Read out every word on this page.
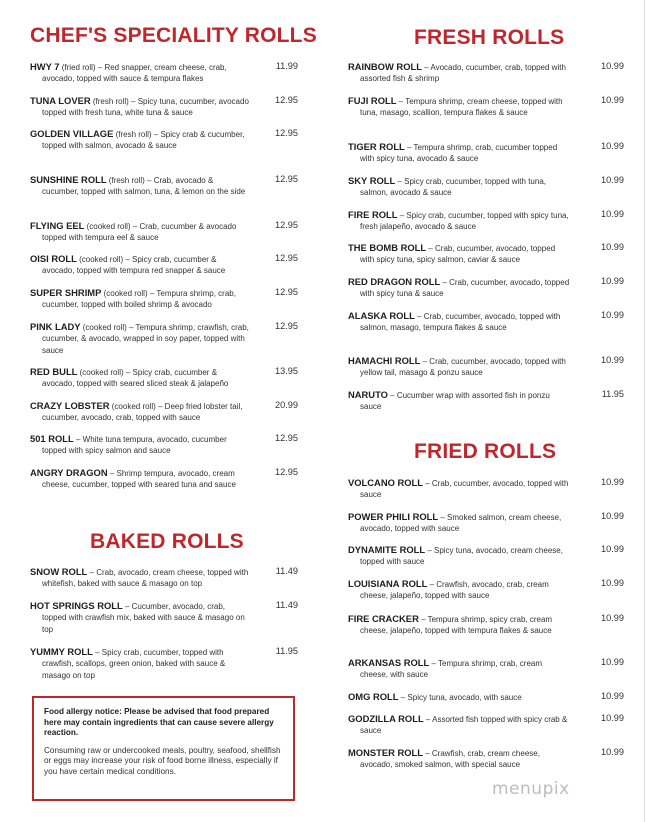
CHEF'S SPECIALITY ROLLS
HWY 7 (fried roll) – Red snapper, cream cheese, crab, avocado, topped with sauce & tempura flakes
11.99
TUNA LOVER (fresh roll) – Spicy tuna, cucumber, avocado topped with fresh tuna, white tuna & sauce
12.95
GOLDEN VILLAGE (fresh roll) – Spicy crab & cucumber, topped with salmon, avocado & sauce
12.95
SUNSHINE ROLL (fresh roll) – Crab, avocado & cucumber, topped with salmon, tuna, & lemon on the side
12.95
FLYING EEL (cooked roll) – Crab, cucumber & avocado topped with tempura eel & sauce
12.95
OISI ROLL (cooked roll) – Spicy crab, cucumber & avocado, topped with tempura red snapper & sauce
12.95
SUPER SHRIMP (cooked roll) – Tempura shrimp, crab, cucumber, topped with boiled shrimp & avocado
12.95
PINK LADY (cooked roll) – Tempura shrimp, crawfish, crab, cucumber, & avocado, wrapped in soy paper, topped with sauce
12.95
RED BULL (cooked roll) – Spicy crab, cucumber & avocado, topped with seared sliced steak & jalapeño
13.95
CRAZY LOBSTER (cooked roll) – Deep fried lobster tail, cucumber, avocado, crab, topped with sauce
20.99
501 ROLL – White tuna tempura, avocado, cucumber topped with spicy salmon and sauce
12.95
ANGRY DRAGON – Shrimp tempura, avocado, cream cheese, cucumber, topped with seared tuna and sauce
12.95
BAKED ROLLS
SNOW ROLL – Crab, avocado, cream cheese, topped with whitefish, baked with sauce & masago on top
11.49
HOT SPRINGS ROLL – Cucumber, avocado, crab, topped with crawfish mix, baked with sauce & masago on top
11.49
YUMMY ROLL – Spicy crab, cucumber, topped with crawfish, scallops, green onion, baked with sauce & masago on top
11.95
FRESH ROLLS
RAINBOW ROLL – Avocado, cucumber, crab, topped with assorted fish & shrimp
10.99
FUJI ROLL – Tempura shrimp, cream cheese, topped with tuna, masago, scallion, tempura flakes & sauce
10.99
TIGER ROLL – Tempura shrimp, crab, cucumber topped with spicy tuna, avocado & sauce
10.99
SKY ROLL – Spicy crab, cucumber, topped with tuna, salmon, avocado & sauce
10.99
FIRE ROLL – Spicy crab, cucumber, topped with spicy tuna, fresh jalapeño, avocado & sauce
10.99
THE BOMB ROLL – Crab, cucumber, avocado, topped with spicy tuna, spicy salmon, caviar & sauce
10.99
RED DRAGON ROLL – Crab, cucumber, avocado, topped with spicy tuna & sauce
10.99
ALASKA ROLL – Crab, cucumber, avocado, topped with salmon, masago, tempura flakes & sauce
10.99
HAMACHI ROLL – Crab, cucumber, avocado, topped with yellow tail, masago & ponzu sauce
10.99
NARUTO – Cucumber wrap with assorted fish in ponzu sauce
11.95
FRIED ROLLS
VOLCANO ROLL – Crab, cucumber, avocado, topped with sauce
10.99
POWER PHILI ROLL – Smoked salmon, cream cheese, avocado, topped with sauce
10.99
DYNAMITE ROLL – Spicy tuna, avocado, cream cheese, topped with sauce
10.99
LOUISIANA ROLL – Crawfish, avocado, crab, cream cheese, jalapeño, topped with sauce
10.99
FIRE CRACKER – Tempura shrimp, spicy crab, cream cheese, jalapeño, topped with tempura flakes & sauce
10.99
ARKANSAS ROLL – Tempura shrimp, crab, cream cheese, with sauce
10.99
OMG ROLL – Spicy tuna, avocado, with sauce	10.99
GODZILLA ROLL – Assorted fish topped with spicy crab & sauce
10.99
MONSTER ROLL – Crawfish, crab, cream cheese, avocado, smoked salmon, with special sauce
10.99
Food allergy notice: Please be advised that food prepared here may contain ingredients that can cause severe allergy reaction.
Consuming raw or undercooked meals, poultry, seafood, shellfish or eggs may increase your risk of food borne illness, especially if you have certain medical conditions.
menupix
